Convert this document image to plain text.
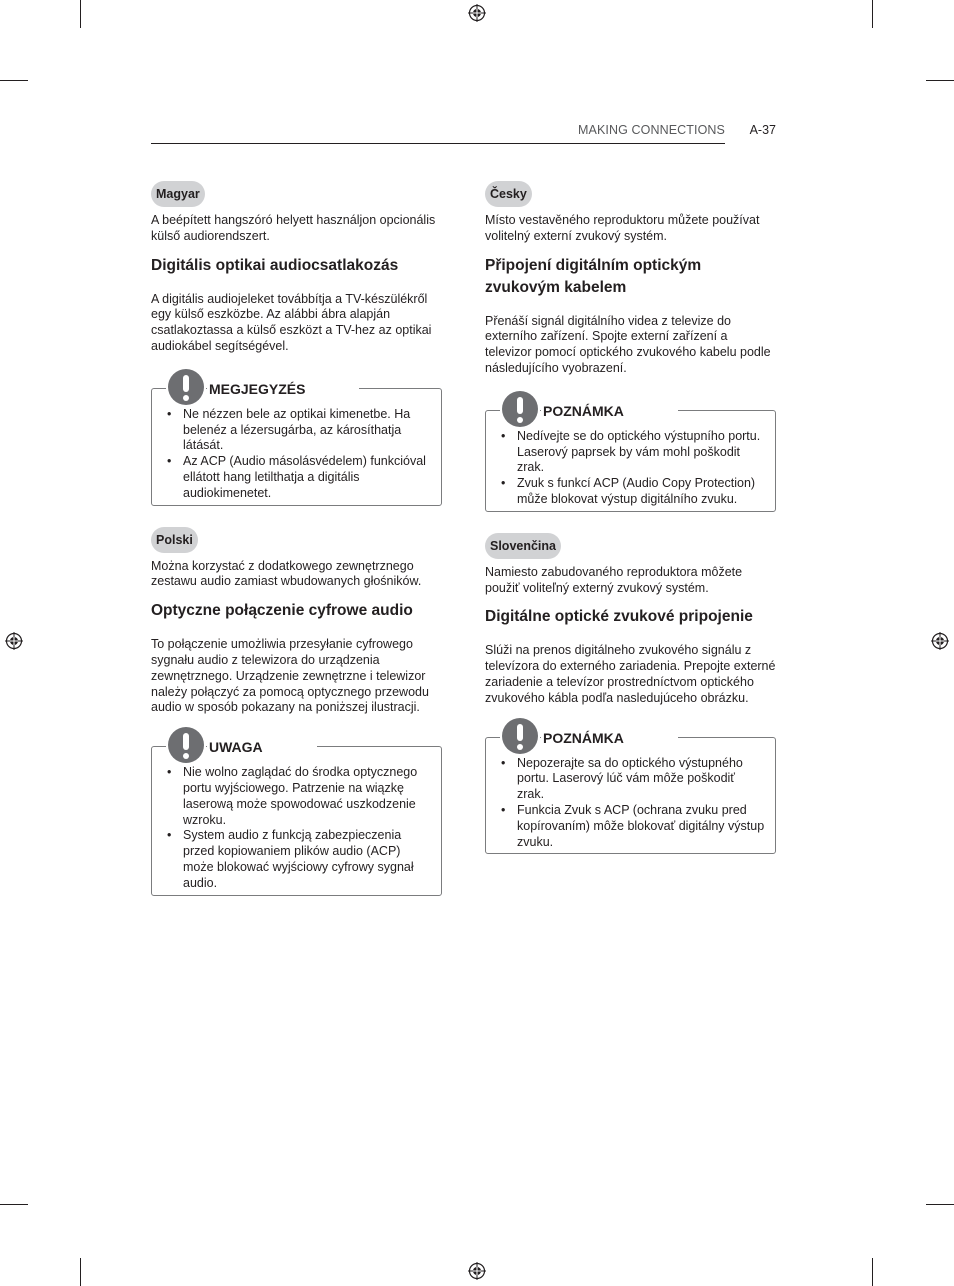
MAKING CONNECTIONS A-37
Magyar

A beépített hangszóró helyett használjon opcionális külső audiorendszert.

Digitális optikai audiocsatlakozás

A digitális audiojeleket továbbítja a TV-készülékről egy külső eszközbe. Az alábbi ábra alapján csatlakoztassa a külső eszközt a TV-hez az optikai audiokábel segítségével.

MEGJEGYZÉS
• Ne nézzen bele az optikai kimenetbe. Ha belenéz a lézersugárba, az károsíthatja látását.
• Az ACP (Audio másolásvédelem) funkcióval ellátott hang letilthatja a digitális audiokimenetet.
Polski

Można korzystać z dodatkowego zewnętrznego zestawu audio zamiast wbudowanych głośników.

Optyczne połączenie cyfrowe audio

To połączenie umożliwia przesyłanie cyfrowego sygnału audio z telewizora do urządzenia zewnętrznego. Urządzenie zewnętrzne i telewizor należy połączyć za pomocą optycznego przewodu audio w sposób pokazany na poniższej ilustracji.

UWAGA
• Nie wolno zaglądać do środka optycznego portu wyjściowego. Patrzenie na wiązkę laserową może spowodować uszkodzenie wzroku.
• System audio z funkcją zabezpieczenia przed kopiowaniem plików audio (ACP) może blokować wyjściowy cyfrowy sygnał audio.
Česky

Místo vestavěného reproduktoru můžete používat volitelný externí zvukový systém.

Připojení digitálním optickým zvukovým kabelem

Přenáší signál digitálního videa z televize do externího zařízení. Spojte externí zařízení a televizor pomocí optického zvukového kabelu podle následujícího vyobrazení.

POZNÁMKA
• Nedívejte se do optického výstupního portu. Laserový paprsek by vám mohl poškodit zrak.
• Zvuk s funkcí ACP (Audio Copy Protection) může blokovat výstup digitálního zvuku.
Slovenčina

Namiesto zabudovaného reproduktora môžete použiť voliteľný externý zvukový systém.

Digitálne optické zvukové pripojenie

Slúži na prenos digitálneho zvukového signálu z televízora do externého zariadenia. Prepojte externé zariadenie a televízor prostredníctvom optického zvukového kábla podľa nasledujúceho obrázku.

POZNÁMKA
• Nepozerajte sa do optického výstupného portu. Laserový lúč vám môže poškodiť zrak.
• Funkcia Zvuk s ACP (ochrana zvuku pred kopírovaním) môže blokovať digitálny výstup zvuku.
